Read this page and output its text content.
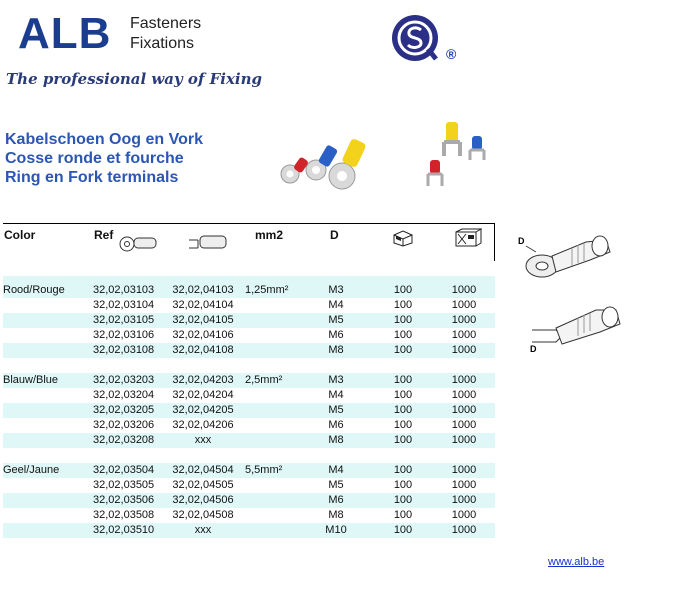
ALB Fasteners
Fixations
The professional way of Fixing
®
Kabelschoen Oog en Vork
Cosse ronde et fourche
Ring en Fork terminals
Color	Ref	mm2	D
Rood/Rouge	32,02,03103 32,02,04103 1,25mm²	M3	100	1000
32,02,03104 32,02,04104	M4	100	1000
32,02,03105 32,02,04105	M5	100	1000
32,02,03106 32,02,04106	M6	100	1000
32,02,03108 32,02,04108	M8	100	1000
Blauw/Blue	32,02,03203 32,02,04203 2,5mm²	M3	100	1000
32,02,03204 32,02,04204	M4	100	1000
32,02,03205 32,02,04205	M5	100	1000
32,02,03206 32,02,04206	M6	100	1000
32,02,03208	xxx	M8	100	1000
Geel/Jaune	32,02,03504 32,02,04504 5,5mm²	M4	100	1000
32,02,03505 32,02,04505	M5	100	1000
32,02,03506 32,02,04506	M6	100	1000
32,02,03508 32,02,04508	M8	100	1000
32,02,03510	xxx	M10	100	1000
D
D
www.alb.be
